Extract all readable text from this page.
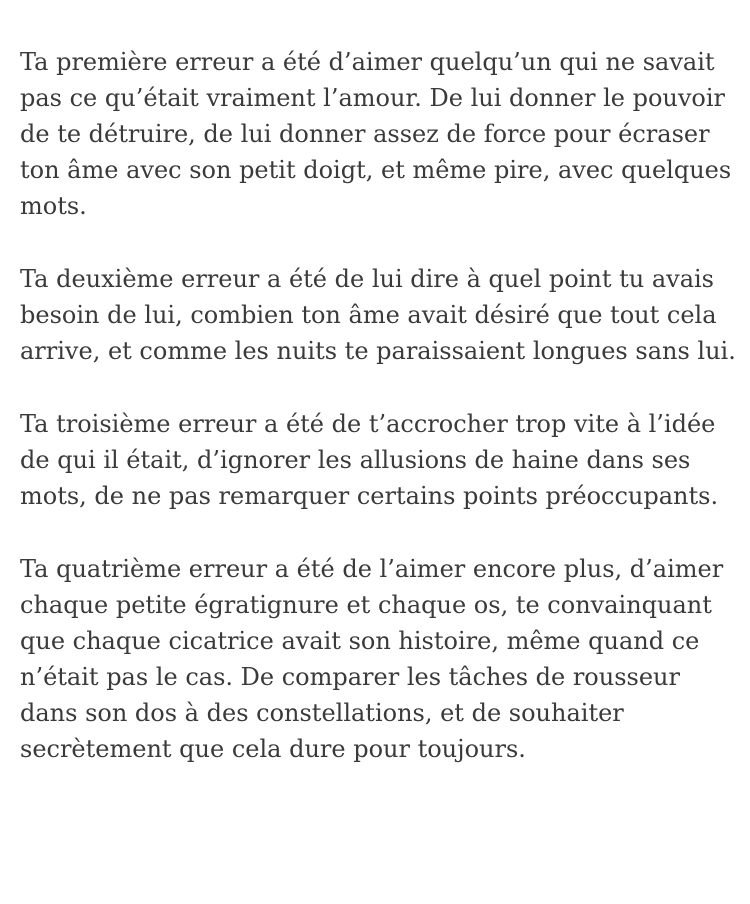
Ta première erreur a été d’aimer quelqu’un qui ne savait pas ce qu’était vraiment l’amour. De lui donner le pouvoir de te détruire, de lui donner assez de force pour écraser ton âme avec son petit doigt, et même pire, avec quelques mots.

Ta deuxième erreur a été de lui dire à quel point tu avais besoin de lui, combien ton âme avait désiré que tout cela arrive, et comme les nuits te paraissaient longues sans lui.

Ta troisième erreur a été de t’accrocher trop vite à l’idée de qui il était, d’ignorer les allusions de haine dans ses mots, de ne pas remarquer certains points préoccupants.

Ta quatrième erreur a été de l’aimer encore plus, d’aimer chaque petite égratignure et chaque os, te convainquant que chaque cicatrice avait son histoire, même quand ce n’était pas le cas. De comparer les tâches de rousseur dans son dos à des constellations, et de souhaiter secrètement que cela dure pour toujours.
